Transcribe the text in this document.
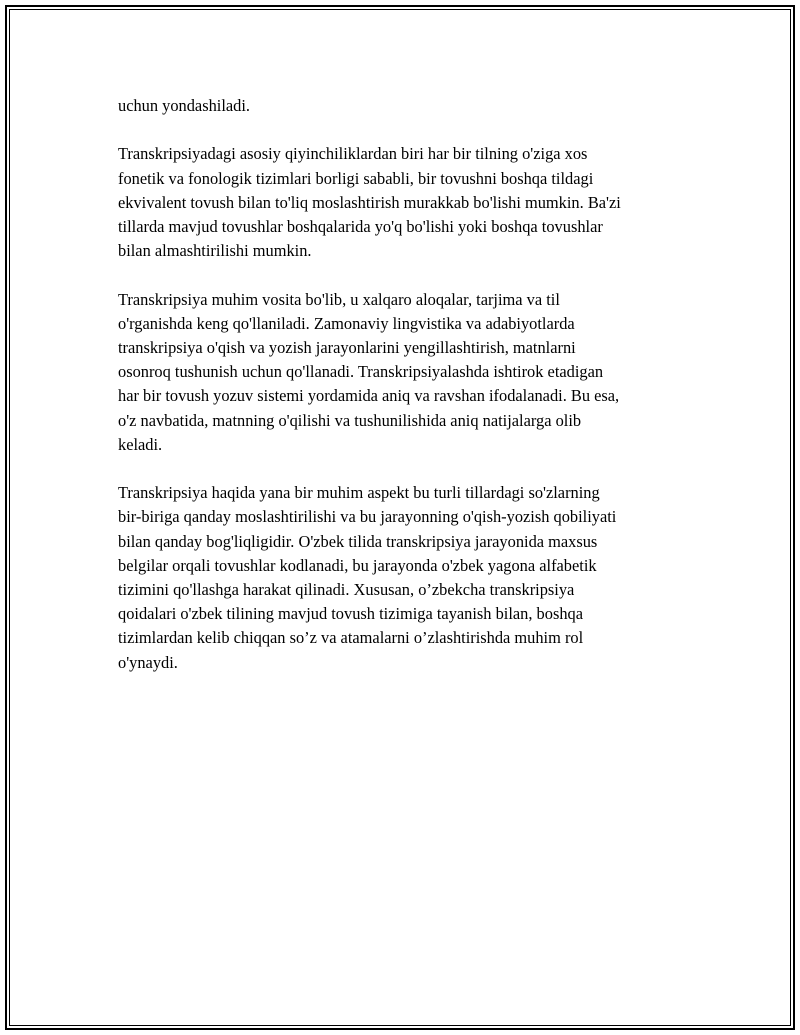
uchun yondashiladi.

Transkripsiyadagi asosiy qiyinchiliklardan biri har bir tilning o'ziga xos
fonetik va fonologik tizimlari borligi sababli, bir tovushni boshqa tildagi
ekvivalent tovush bilan to'liq moslashtirish murakkab bo'lishi mumkin. Ba'zi
tillarda mavjud tovushlar boshqalarida yo'q bo'lishi yoki boshqa tovushlar
bilan almashtirilishi mumkin.

Transkripsiya muhim vosita bo'lib, u xalqaro aloqalar, tarjima va til
o'rganishda keng qo'llaniladi. Zamonaviy lingvistika va adabiyotlarda
transkripsiya o'qish va yozish jarayonlarini yengillashtirish, matnlarni
osonroq tushunish uchun qo'llanadi. Transkripsiyalashda ishtirok etadigan
har bir tovush yozuv sistemi yordamida aniq va ravshan ifodalanadi. Bu esa,
o'z navbatida, matnning o'qilishi va tushunilishida aniq natijalarga olib
keladi.

Transkripsiya haqida yana bir muhim aspekt bu turli tillardagi so'zlarning
bir-biriga qanday moslashtirilishi va bu jarayonning o'qish-yozish qobiliyati
bilan qanday bog'liqligidir. O'zbek tilida transkripsiya jarayonida maxsus
belgilar orqali tovushlar kodlanadi, bu jarayonda o'zbek yagona alfabetik
tizimini qo'llashga harakat qilinadi. Xususan, o’zbekcha transkripsiya
qoidalari o'zbek tilining mavjud tovush tizimiga tayanish bilan, boshqa
tizimlardan kelib chiqqan so’z va atamalarni o’zlashtirishda muhim rol
o'ynaydi.
